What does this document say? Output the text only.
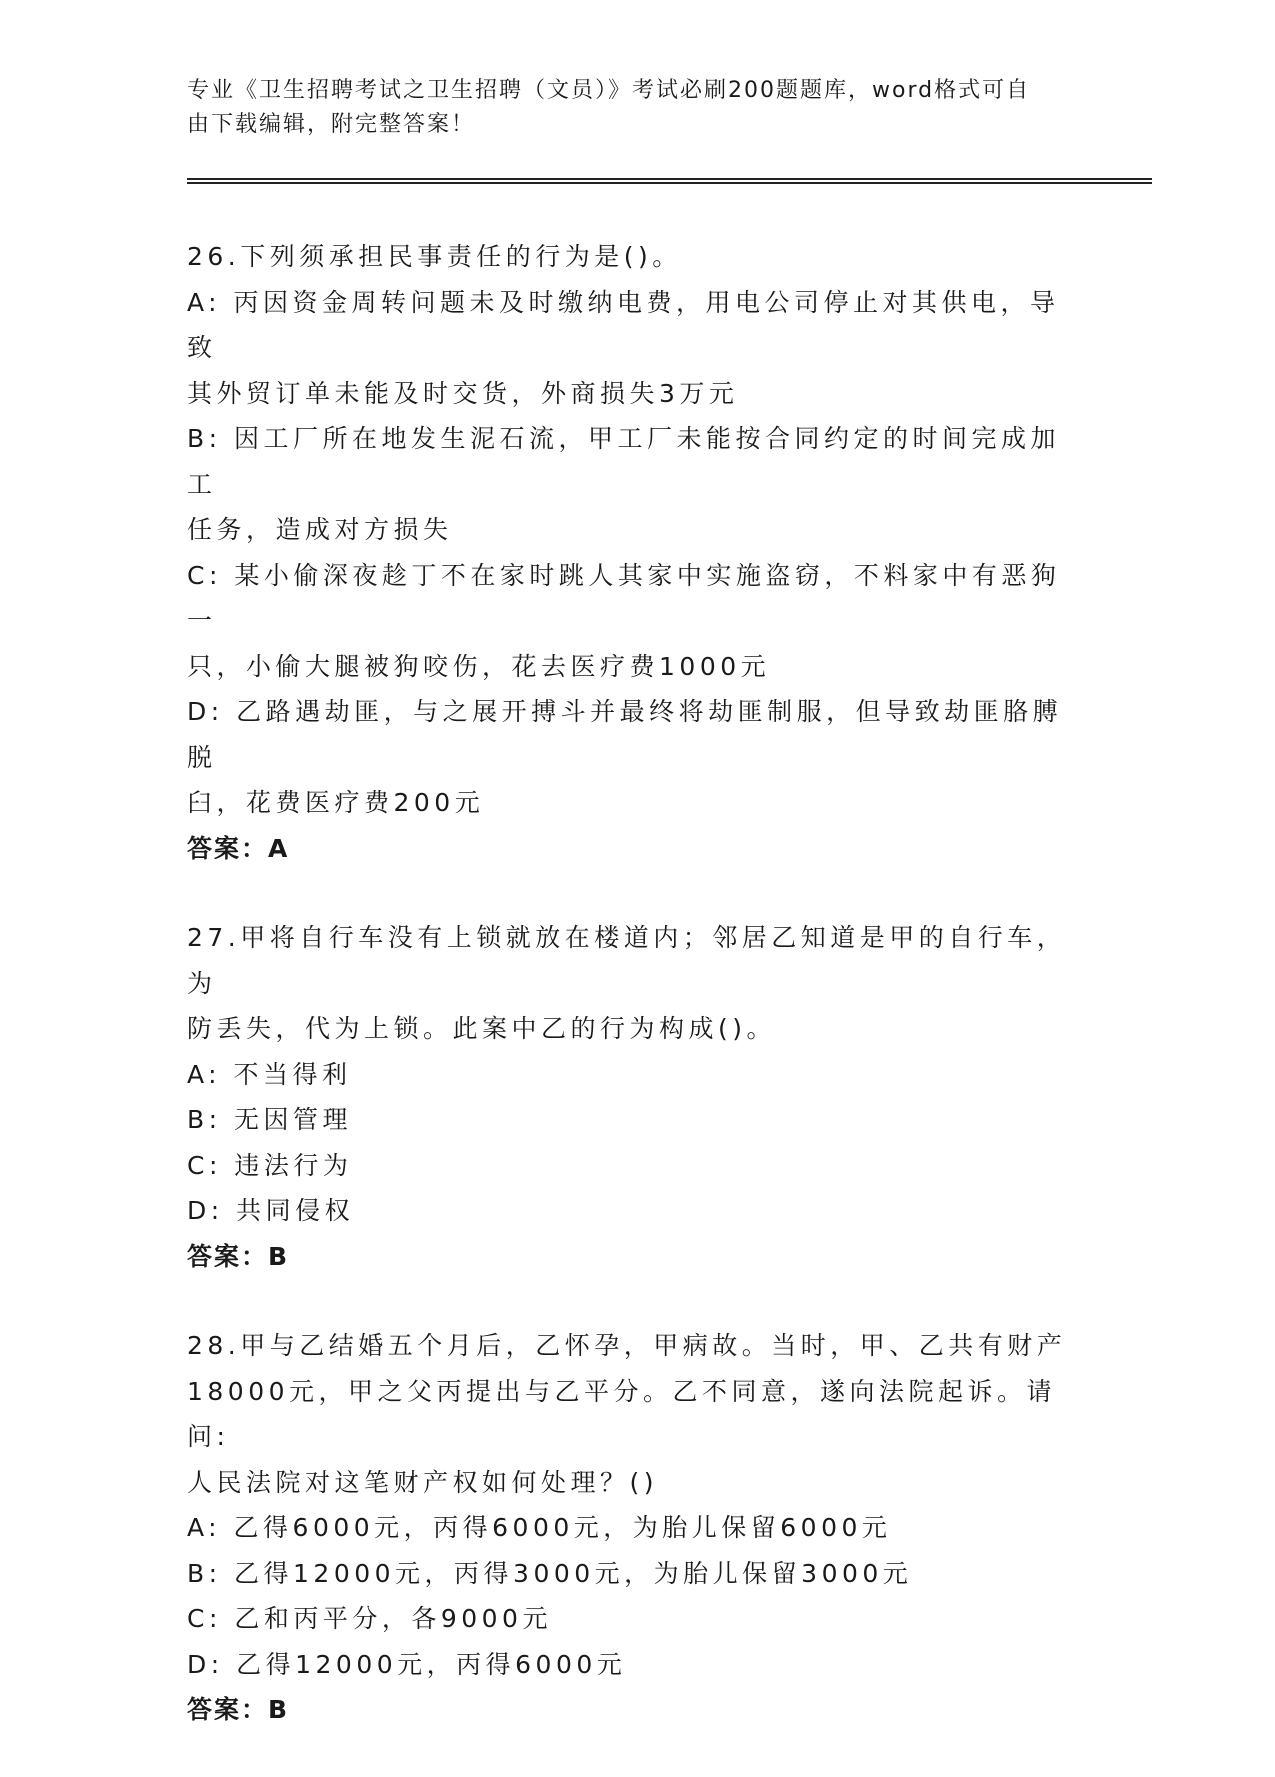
专业《卫生招聘考试之卫生招聘（文员）》考试必刷200题题库，word格式可自
由下载编辑，附完整答案！
26.下列须承担民事责任的行为是()。
A: 丙因资金周转问题未及时缴纳电费，用电公司停止对其供电，导致
其外贸订单未能及时交货，外商损失3万元
B: 因工厂所在地发生泥石流，甲工厂未能按合同约定的时间完成加工
任务，造成对方损失
C: 某小偷深夜趁丁不在家时跳人其家中实施盗窃，不料家中有恶狗一
只，小偷大腿被狗咬伤，花去医疗费1000元
D: 乙路遇劫匪，与之展开搏斗并最终将劫匪制服，但导致劫匪胳膊脱
臼，花费医疗费200元
答案：A
27.甲将自行车没有上锁就放在楼道内；邻居乙知道是甲的自行车，为
防丢失，代为上锁。此案中乙的行为构成()。
A: 不当得利
B: 无因管理
C: 违法行为
D: 共同侵权
答案：B
28.甲与乙结婚五个月后，乙怀孕，甲病故。当时，甲、乙共有财产
18000元，甲之父丙提出与乙平分。乙不同意，遂向法院起诉。请问:
人民法院对这笔财产权如何处理？()
A: 乙得6000元，丙得6000元，为胎儿保留6000元
B: 乙得12000元，丙得3000元，为胎儿保留3000元
C: 乙和丙平分，各9000元
D: 乙得12000元，丙得6000元
答案：B
